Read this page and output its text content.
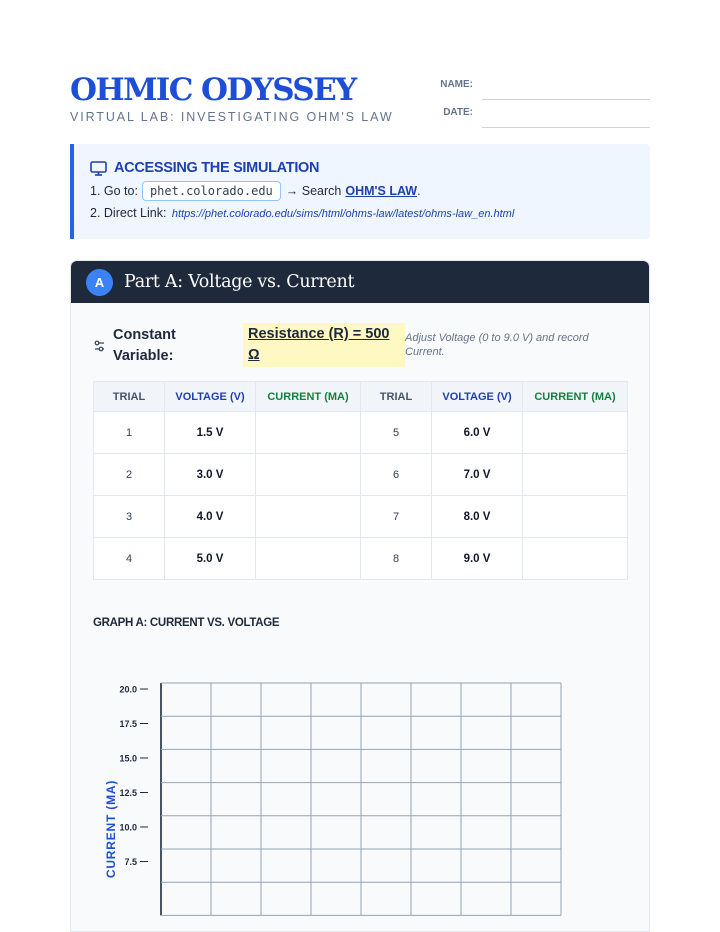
OHMIC ODYSSEY
VIRTUAL LAB: INVESTIGATING OHM'S LAW
NAME:
DATE:
ACCESSING THE SIMULATION
1. Go to:	phet.colorado.edu	→ Search OHM'S LAW .
2. Direct Link: https://phet.colorado.edu/sims/html/ohms-law/latest/ohms-law_en.html
A	Part A: Voltage vs. Current
Constant Variable:
Resistance (R) = 500 Ω
Adjust Voltage (0 to 9.0 V) and record Current.
TRIAL	VOLTAGE (V)	CURRENT (MA)	TRIAL	VOLTAGE (V)	CURRENT (MA)
1	1.5 V		5	6.0 V	
2	3.0 V		6	7.0 V	
3	4.0 V		7	8.0 V	
4	5.0 V		8	9.0 V	
GRAPH A: CURRENT VS. VOLTAGE
20.0
17.5
15.0
12.5
10.0
7.5
CURRENT (MA)
